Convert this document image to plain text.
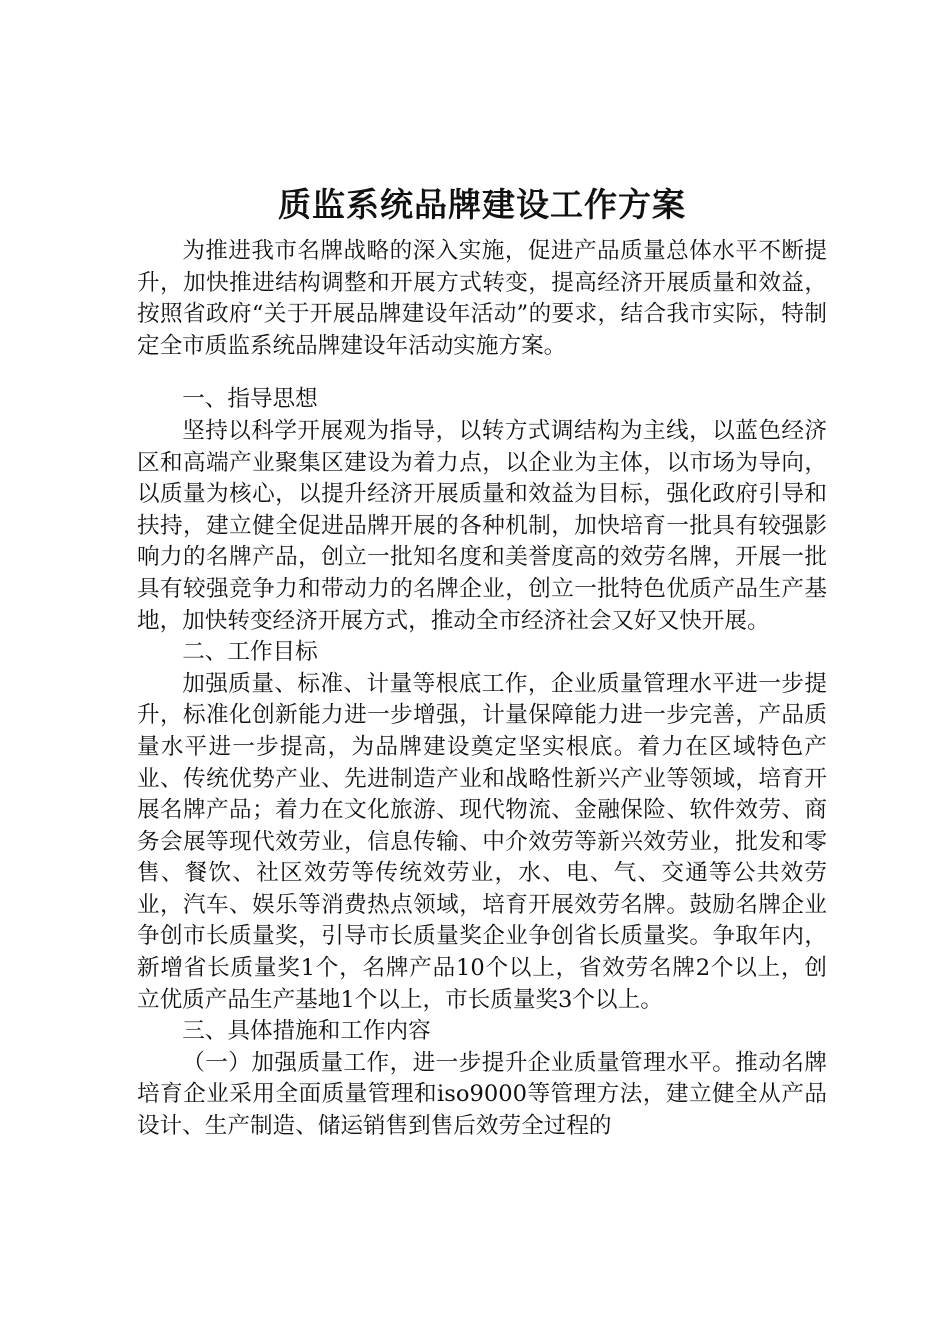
质监系统品牌建设工作方案

为推进我市名牌战略的深入实施，促进产品质量总体水平不断提升，加快推进结构调整和开展方式转变，提高经济开展质量和效益，按照省政府“关于开展品牌建设年活动”的要求，结合我市实际，特制定全市质监系统品牌建设年活动实施方案。

一、指导思想

坚持以科学开展观为指导，以转方式调结构为主线，以蓝色经济区和高端产业聚集区建设为着力点，以企业为主体，以市场为导向，以质量为核心，以提升经济开展质量和效益为目标，强化政府引导和扶持，建立健全促进品牌开展的各种机制，加快培育一批具有较强影响力的名牌产品，创立一批知名度和美誉度高的效劳名牌，开展一批具有较强竞争力和带动力的名牌企业，创立一批特色优质产品生产基地，加快转变经济开展方式，推动全市经济社会又好又快开展。

二、工作目标

加强质量、标准、计量等根底工作，企业质量管理水平进一步提升，标准化创新能力进一步增强，计量保障能力进一步完善，产品质量水平进一步提高，为品牌建设奠定坚实根底。着力在区域特色产业、传统优势产业、先进制造产业和战略性新兴产业等领域，培育开展名牌产品；着力在文化旅游、现代物流、金融保险、软件效劳、商务会展等现代效劳业，信息传输、中介效劳等新兴效劳业，批发和零售、餐饮、社区效劳等传统效劳业，水、电、气、交通等公共效劳业，汽车、娱乐等消费热点领域，培育开展效劳名牌。鼓励名牌企业争创市长质量奖，引导市长质量奖企业争创省长质量奖。争取年内，新增省长质量奖1个，名牌产品10个以上，省效劳名牌2个以上，创立优质产品生产基地1个以上，市长质量奖3个以上。

三、具体措施和工作内容

（一）加强质量工作，进一步提升企业质量管理水平。推动名牌培育企业采用全面质量管理和iso9000等管理方法，建立健全从产品设计、生产制造、储运销售到售后效劳全过程的
